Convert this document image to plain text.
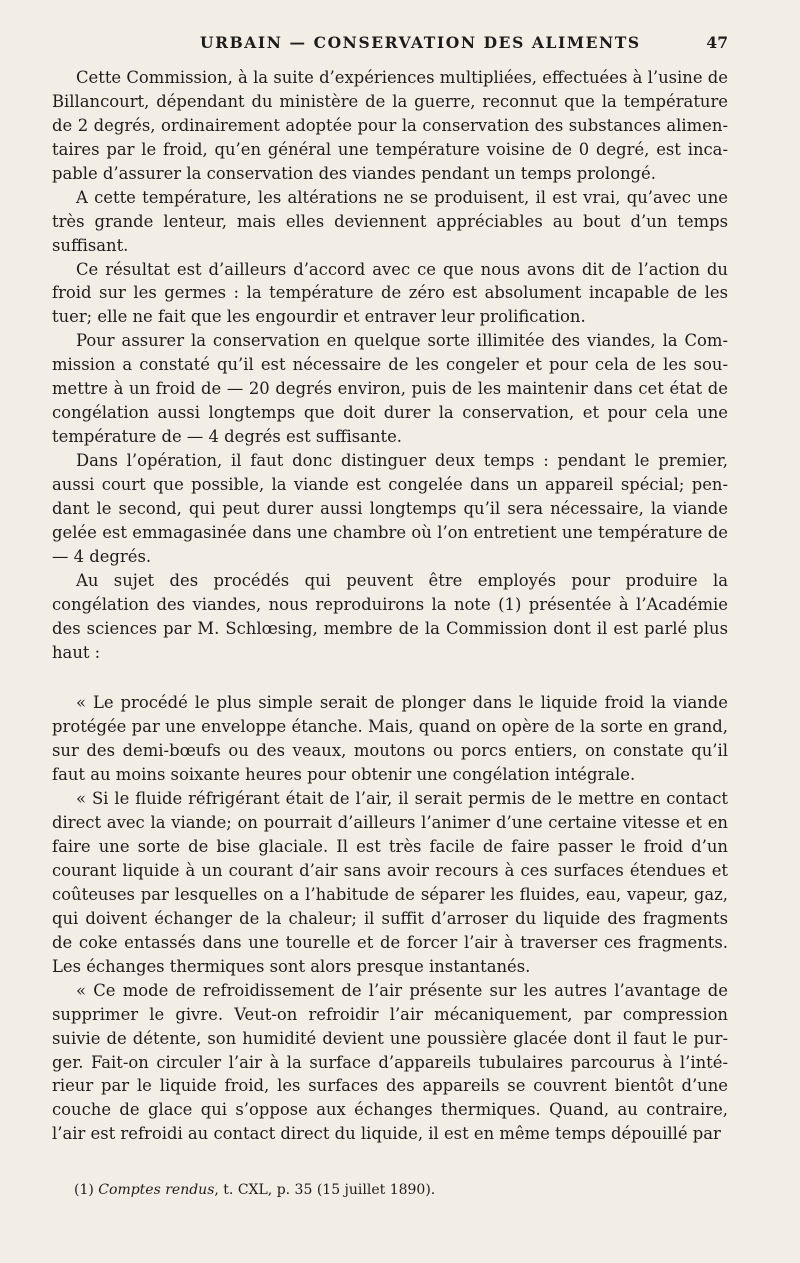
URBAIN — CONSERVATION DES ALIMENTS	47

Cette Commission, à la suite d’expériences multipliées, effectuées à l’usine de Billancourt, dépendant du ministère de la guerre, reconnut que la température de 2 degrés, ordinairement adoptée pour la conservation des substances alimentaires par le froid, qu’en général une température voisine de 0 degré, est incapable d’assurer la conservation des viandes pendant un temps prolongé.

A cette température, les altérations ne se produisent, il est vrai, qu’avec une très grande lenteur, mais elles deviennent appréciables au bout d’un temps suffisant.

Ce résultat est d’ailleurs d’accord avec ce que nous avons dit de l’action du froid sur les germes : la température de zéro est absolument incapable de les tuer; elle ne fait que les engourdir et entraver leur prolification.

Pour assurer la conservation en quelque sorte illimitée des viandes, la Commission a constaté qu’il est nécessaire de les congeler et pour cela de les soumettre à un froid de — 20 degrés environ, puis de les maintenir dans cet état de congélation aussi longtemps que doit durer la conservation, et pour cela une température de — 4 degrés est suffisante.

Dans l’opération, il faut donc distinguer deux temps : pendant le premier, aussi court que possible, la viande est congelée dans un appareil spécial; pendant le second, qui peut durer aussi longtemps qu’il sera nécessaire, la viande gelée est emmagasinée dans une chambre où l’on entretient une température de — 4 degrés.

Au sujet des procédés qui peuvent être employés pour produire la congélation des viandes, nous reproduirons la note (1) présentée à l’Académie des sciences par M. Schlœsing, membre de la Commission dont il est parlé plus haut :

« Le procédé le plus simple serait de plonger dans le liquide froid la viande protégée par une enveloppe étanche. Mais, quand on opère de la sorte en grand, sur des demi-bœufs ou des veaux, moutons ou porcs entiers, on constate qu’il faut au moins soixante heures pour obtenir une congélation intégrale.

« Si le fluide réfrigérant était de l’air, il serait permis de le mettre en contact direct avec la viande; on pourrait d’ailleurs l’animer d’une certaine vitesse et en faire une sorte de bise glaciale. Il est très facile de faire passer le froid d’un courant liquide à un courant d’air sans avoir recours à ces surfaces étendues et coûteuses par lesquelles on a l’habitude de séparer les fluides, eau, vapeur, gaz, qui doivent échanger de la chaleur; il suffit d’arroser du liquide des fragments de coke entassés dans une tourelle et de forcer l’air à traverser ces fragments. Les échanges thermiques sont alors presque instantanés.

« Ce mode de refroidissement de l’air présente sur les autres l’avantage de supprimer le givre. Veut-on refroidir l’air mécaniquement, par compression suivie de détente, son humidité devient une poussière glacée dont il faut le purger. Fait-on circuler l’air à la surface d’appareils tubulaires parcourus à l’intérieur par le liquide froid, les surfaces des appareils se couvrent bientôt d’une couche de glace qui s’oppose aux échanges thermiques. Quand, au contraire, l’air est refroidi au contact direct du liquide, il est en même temps dépouillé par

(1) Comptes rendus, t. CXL, p. 35 (15 juillet 1890).
